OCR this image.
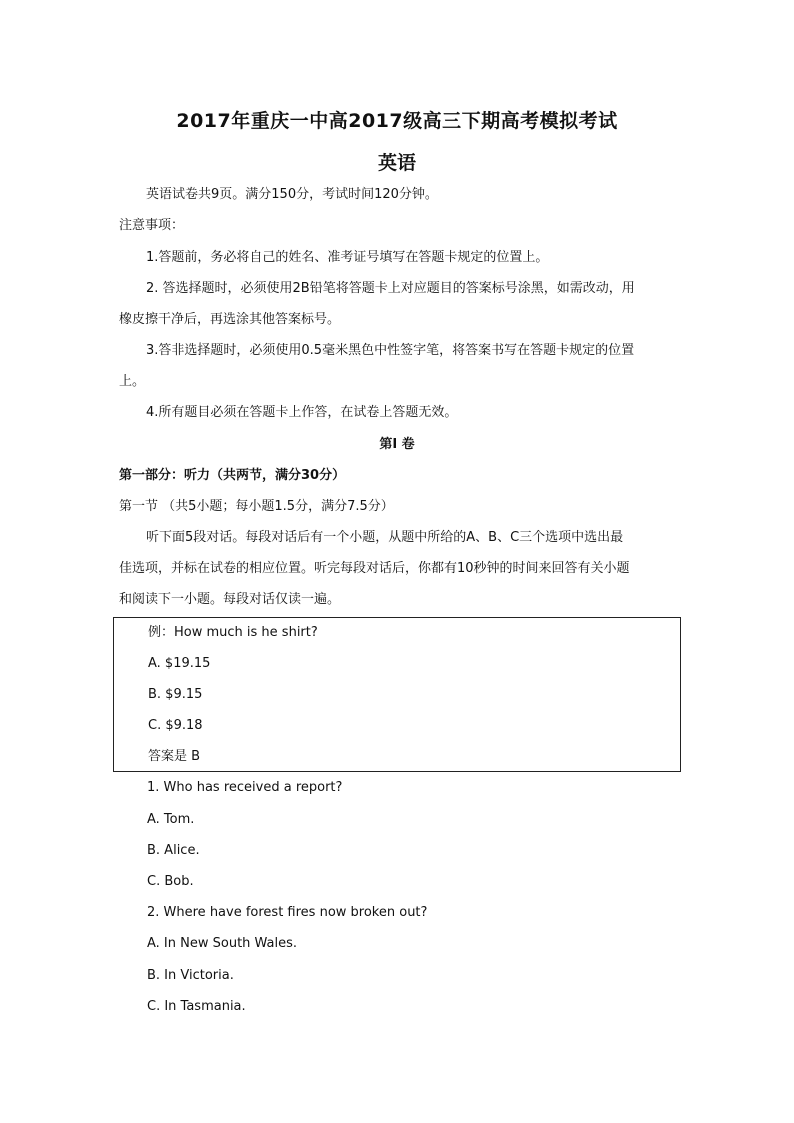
2017年重庆一中高2017级高三下期高考模拟考试
英语
英语试卷共9页。满分150分，考试时间120分钟。
注意事项：
1.答题前，务必将自己的姓名、准考证号填写在答题卡规定的位置上。
2. 答选择题时，必须使用2B铅笔将答题卡上对应题目的答案标号涂黑，如需改动，用
橡皮擦干净后，再选涂其他答案标号。
3.答非选择题时，必须使用0.5毫米黑色中性签字笔，将答案书写在答题卡规定的位置
上。
4.所有题目必须在答题卡上作答，在试卷上答题无效。
第I 卷
第一部分：听力（共两节，满分30分）
第一节 （共5小题；每小题1.5分，满分7.5分）
听下面5段对话。每段对话后有一个小题，从题中所给的A、B、C三个选项中选出最
佳选项，并标在试卷的相应位置。听完每段对话后，你都有10秒钟的时间来回答有关小题
和阅读下一小题。每段对话仅读一遍。
例：How much is he shirt?
A. $19.15
B. $9.15
C. $9.18
答案是 B
1. Who has received a report?
A. Tom.
B. Alice.
C. Bob.
2. Where have forest fires now broken out?
A. In New South Wales.
B. In Victoria.
C. In Tasmania.
